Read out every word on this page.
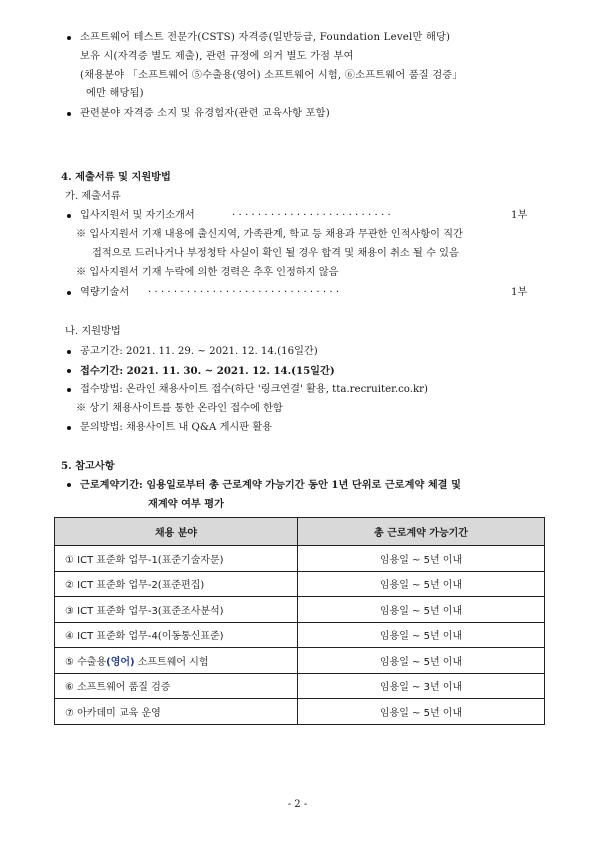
소프트웨어 테스트 전문가(CSTS) 자격증(일반등급, Foundation Level만 해당)
보유 시(자격증 별도 제출), 관련 규정에 의거 별도 가점 부여
(채용분야 「소프트웨어 ⑤수출용(영어) 소프트웨어 시험, ⑥소프트웨어 품질 검증」
에만 해당됨)
관련분야 자격증 소지 및 유경험자(관련 교육사항 포함)
4. 제출서류 및 지원방법
가. 제출서류
입사지원서 및 자기소개서	· · · · · · · · · · · · · · · · · · · · · · · · ·	1부
※ 입사지원서 기재 내용에 출신지역, 가족관계, 학교 등 채용과 무관한 인적사항이 직간
접적으로 드러나거나 부정청탁 사실이 확인 될 경우 합격 및 채용이 취소 될 수 있음
※ 입사지원서 기재 누락에 의한 경력은 추후 인정하지 않음
역량기술서 · · · · · · · · · · · · · · · · · · · · · · · · · · · · · ·	1부
나. 지원방법
공고기간: 2021. 11. 29. ~ 2021. 12. 14.(16일간)
접수기간: 2021. 11. 30. ~ 2021. 12. 14.(15일간)
접수방법: 온라인 채용사이트 접수(하단 '링크연결' 활용, tta.recruiter.co.kr)
※ 상기 채용사이트를 통한 온라인 접수에 한함
문의방법: 채용사이트 내 Q&A 게시판 활용
5. 참고사항
근로계약기간: 임용일로부터 총 근로계약 가능기간 동안 1년 단위로 근로계약 체결 및
재계약 여부 평가
채용 분야	총 근로계약 가능기간
① ICT 표준화 업무-1(표준기술자문)	임용일 ~ 5년 이내
② ICT 표준화 업무-2(표준편집)	임용일 ~ 5년 이내
③ ICT 표준화 업무-3(표준조사분석)	임용일 ~ 5년 이내
④ ICT 표준화 업무-4(이동통신표준)	임용일 ~ 5년 이내
⑤ 수출용(영어) 소프트웨어 시험	임용일 ~ 5년 이내
⑥ 소프트웨어 품질 검증	임용일 ~ 3년 이내
⑦ 아카데미 교육 운영	임용일 ~ 5년 이내
- 2 -
